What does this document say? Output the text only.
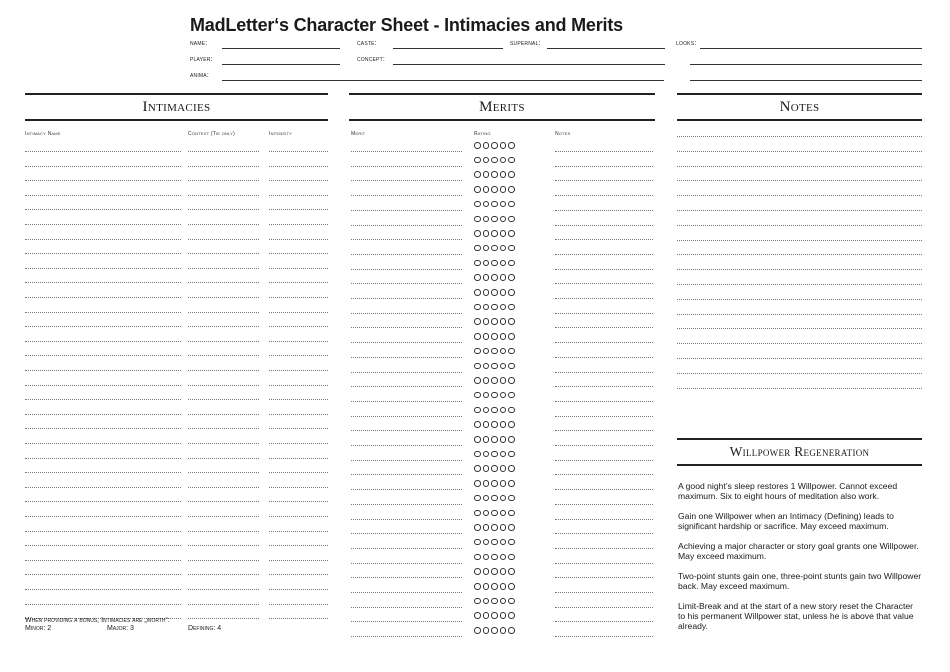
MadLetter‘s Character Sheet - Intimacies and Merits
name:
player:
anima:
caste:
concept:
supernal:	looks:
Intimacies
Intimacy Name	Context (Tie only)	Intensity
When providing a bonus, Intimacies are „worth“:
Minor: 2	Major: 3	Defining: 4
Merits
Merit	Rating	Notes
Notes
Willpower Regeneration

A good night’s sleep restores 1 Willpower. Cannot exceed maximum. Six to eight hours of meditation also work.

Gain one Willpower when an Intimacy (Defining) leads to significant hardship or sacrifice. May exceed maximum.

Achieving a major character or story goal grants one Willpower. May exceed maximum.

Two-point stunts gain one, three-point stunts gain two Willpower back. May exceed maximum.

Limit-Break and at the start of a new story reset the Character to his permanent Willpower stat, unless he is above that value already.
